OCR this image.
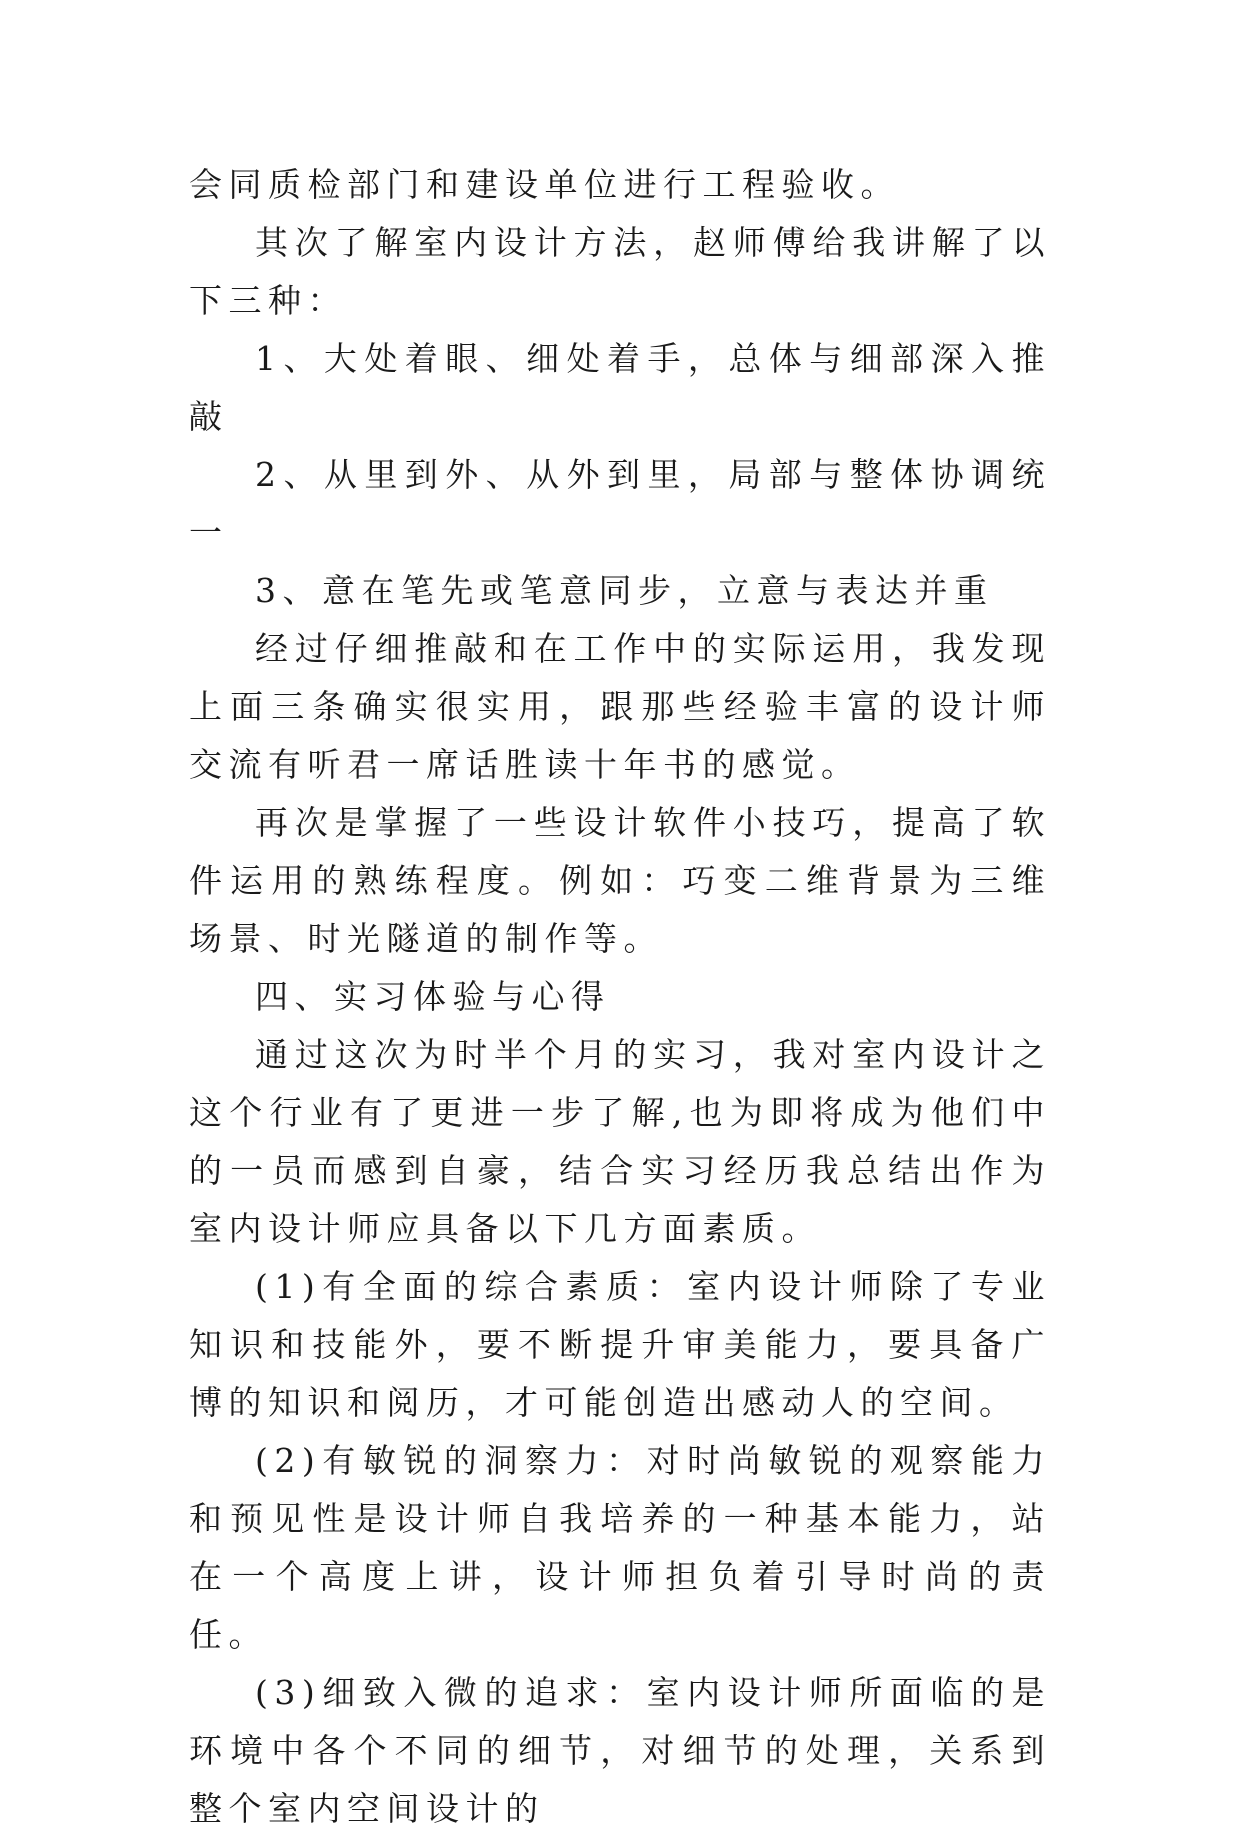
会同质检部门和建设单位进行工程验收。

其次了解室内设计方法，赵师傅给我讲解了以下三种：

1、大处着眼、细处着手，总体与细部深入推敲

2、从里到外、从外到里，局部与整体协调统一

3、意在笔先或笔意同步，立意与表达并重

经过仔细推敲和在工作中的实际运用，我发现上面三条确实很实用，跟那些经验丰富的设计师交流有听君一席话胜读十年书的感觉。

再次是掌握了一些设计软件小技巧，提高了软件运用的熟练程度。例如：巧变二维背景为三维场景、时光隧道的制作等。

四、实习体验与心得

通过这次为时半个月的实习，我对室内设计之这个行业有了更进一步了解,也为即将成为他们中的一员而感到自豪，结合实习经历我总结出作为室内设计师应具备以下几方面素质。

(1)有全面的综合素质：室内设计师除了专业知识和技能外，要不断提升审美能力，要具备广博的知识和阅历，才可能创造出感动人的空间。

(2)有敏锐的洞察力：对时尚敏锐的观察能力和预见性是设计师自我培养的一种基本能力，站在一个高度上讲，设计师担负着引导时尚的责任。

(3)细致入微的追求：室内设计师所面临的是环境中各个不同的细节，对细节的处理，关系到整个室内空间设计的
